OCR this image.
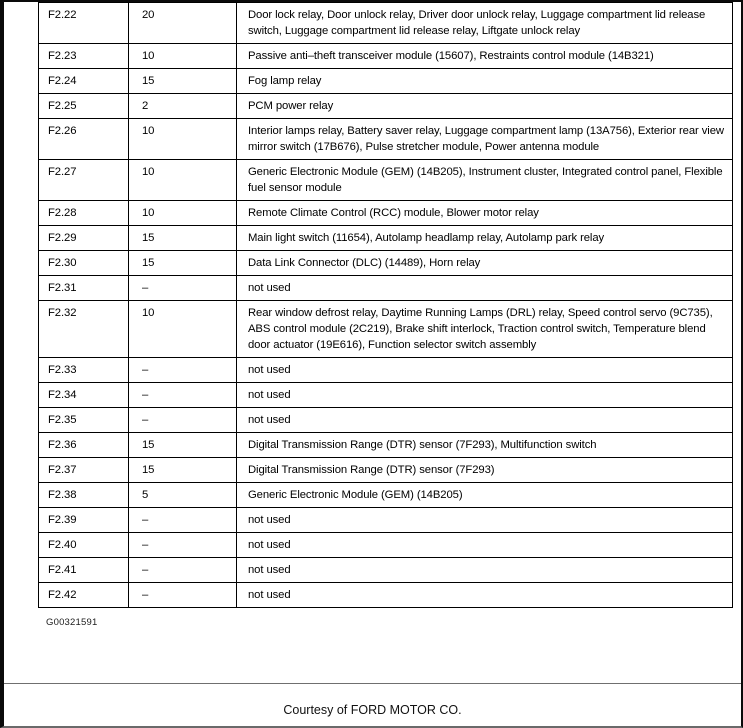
F2.22	20	Door lock relay, Door unlock relay, Driver door unlock relay, Luggage compartment lid release switch, Luggage compartment lid release relay, Liftgate unlock relay
F2.23	10	Passive anti–theft transceiver module (15607), Restraints control module (14B321)
F2.24	15	Fog lamp relay
F2.25	2	PCM power relay
F2.26	10	Interior lamps relay, Battery saver relay, Luggage compartment lamp (13A756), Exterior rear view mirror switch (17B676), Pulse stretcher module, Power antenna module
F2.27	10	Generic Electronic Module (GEM) (14B205), Instrument cluster, Integrated control panel, Flexible fuel sensor module
F2.28	10	Remote Climate Control (RCC) module, Blower motor relay
F2.29	15	Main light switch (11654), Autolamp headlamp relay, Autolamp park relay
F2.30	15	Data Link Connector (DLC) (14489), Horn relay
F2.31	–	not used
F2.32	10	Rear window defrost relay, Daytime Running Lamps (DRL) relay, Speed control servo (9C735), ABS control module (2C219), Brake shift interlock, Traction control switch, Temperature blend door actuator (19E616), Function selector switch assembly
F2.33	–	not used
F2.34	–	not used
F2.35	–	not used
F2.36	15	Digital Transmission Range (DTR) sensor (7F293), Multifunction switch
F2.37	15	Digital Transmission Range (DTR) sensor (7F293)
F2.38	5	Generic Electronic Module (GEM) (14B205)
F2.39	–	not used
F2.40	–	not used
F2.41	–	not used
F2.42	–	not used
G00321591
Courtesy of FORD MOTOR CO.
